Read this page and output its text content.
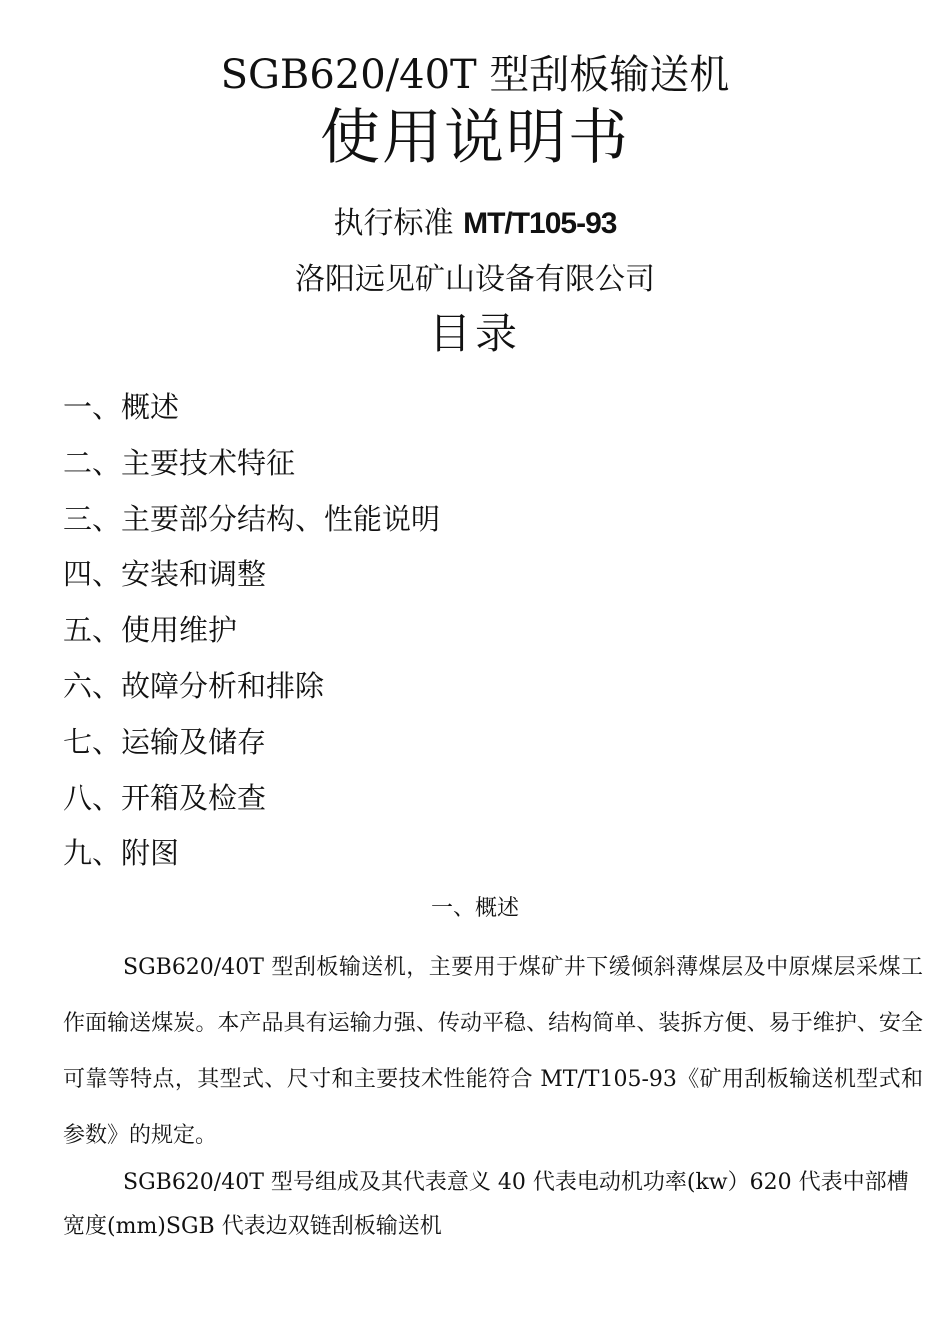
SGB620/40T 型刮板输送机
使用说明书
执行标准 MT/T105-93
洛阳远见矿山设备有限公司
目录
一、概述
二、主要技术特征
三、主要部分结构、性能说明
四、安装和调整
五、使用维护
六、故障分析和排除
七、运输及储存
八、开箱及检查
九、附图
一、概述

SGB620/40T 型刮板输送机，主要用于煤矿井下缓倾斜薄煤层及中原煤层采煤工作面输送煤炭。本产品具有运输力强、传动平稳、结构简单、装拆方便、易于维护、安全可靠等特点，其型式、尺寸和主要技术性能符合 MT/T105-93《矿用刮板输送机型式和参数》的规定。

SGB620/40T 型号组成及其代表意义 40 代表电动机功率(kw）620 代表中部槽宽度(mm)SGB 代表边双链刮板输送机
